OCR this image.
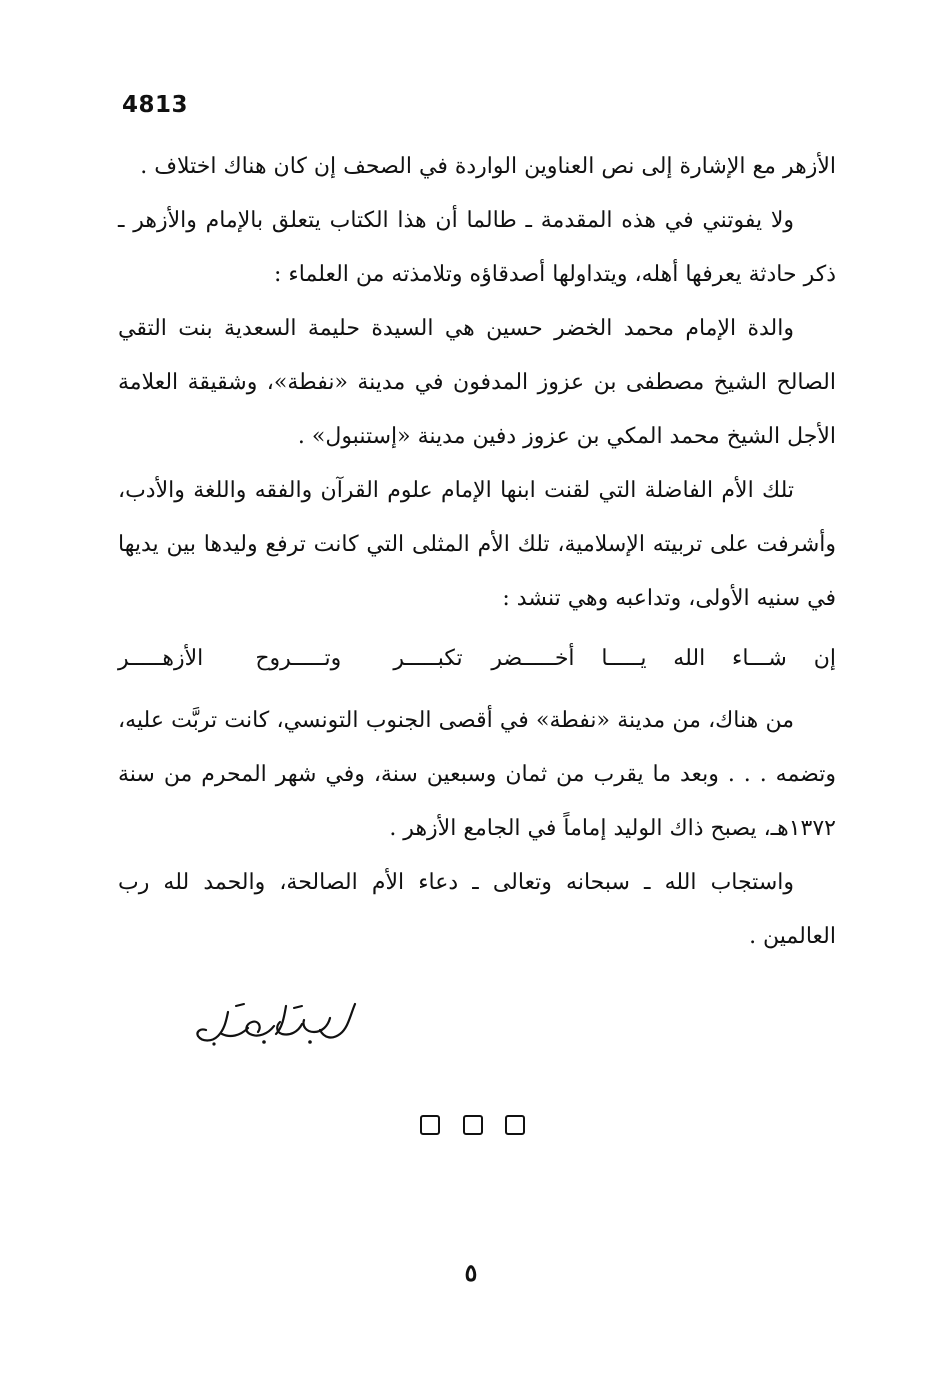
4813

الأزهر مع الإشارة إلى نص العناوين الواردة في الصحف إن كان هناك اختلاف .

ولا يفوتني في هذه المقدمة ـ طالما أن هذا الكتاب يتعلق بالإمام والأزهر ـ ذكر حادثة يعرفها أهله، ويتداولها أصدقاؤه وتلامذته من العلماء :

والدة الإمام محمد الخضر حسين هي السيدة حليمة السعدية بنت التقي الصالح الشيخ مصطفى بن عزوز المدفون في مدينة «نفطة»، وشقيقة العلامة الأجل الشيخ محمد المكي بن عزوز دفين مدينة «إستنبول» .

تلك الأم الفاضلة التي لقنت ابنها الإمام علوم القرآن والفقه واللغة والأدب، وأشرفت على تربيته الإسلامية، تلك الأم المثلى التي كانت ترفع وليدها بين يديها في سنيه الأولى، وتداعبه وهي تنشد :

إن شـــاء الله يـــــا أخـــــضر
تكبـــــر وتـــــروح الأزهـــــر

من هناك، من مدينة «نفطة» في أقصى الجنوب التونسي، كانت تربَّت عليه، وتضمه . . . وبعد ما يقرب من ثمان وسبعين سنة، وفي شهر المحرم من سنة ١٣٧٢هـ، يصبح ذاك الوليد إماماً في الجامع الأزهر .

واستجاب الله ـ سبحانه وتعالى ـ دعاء الأم الصالحة، والحمد لله رب العالمين .

٥
